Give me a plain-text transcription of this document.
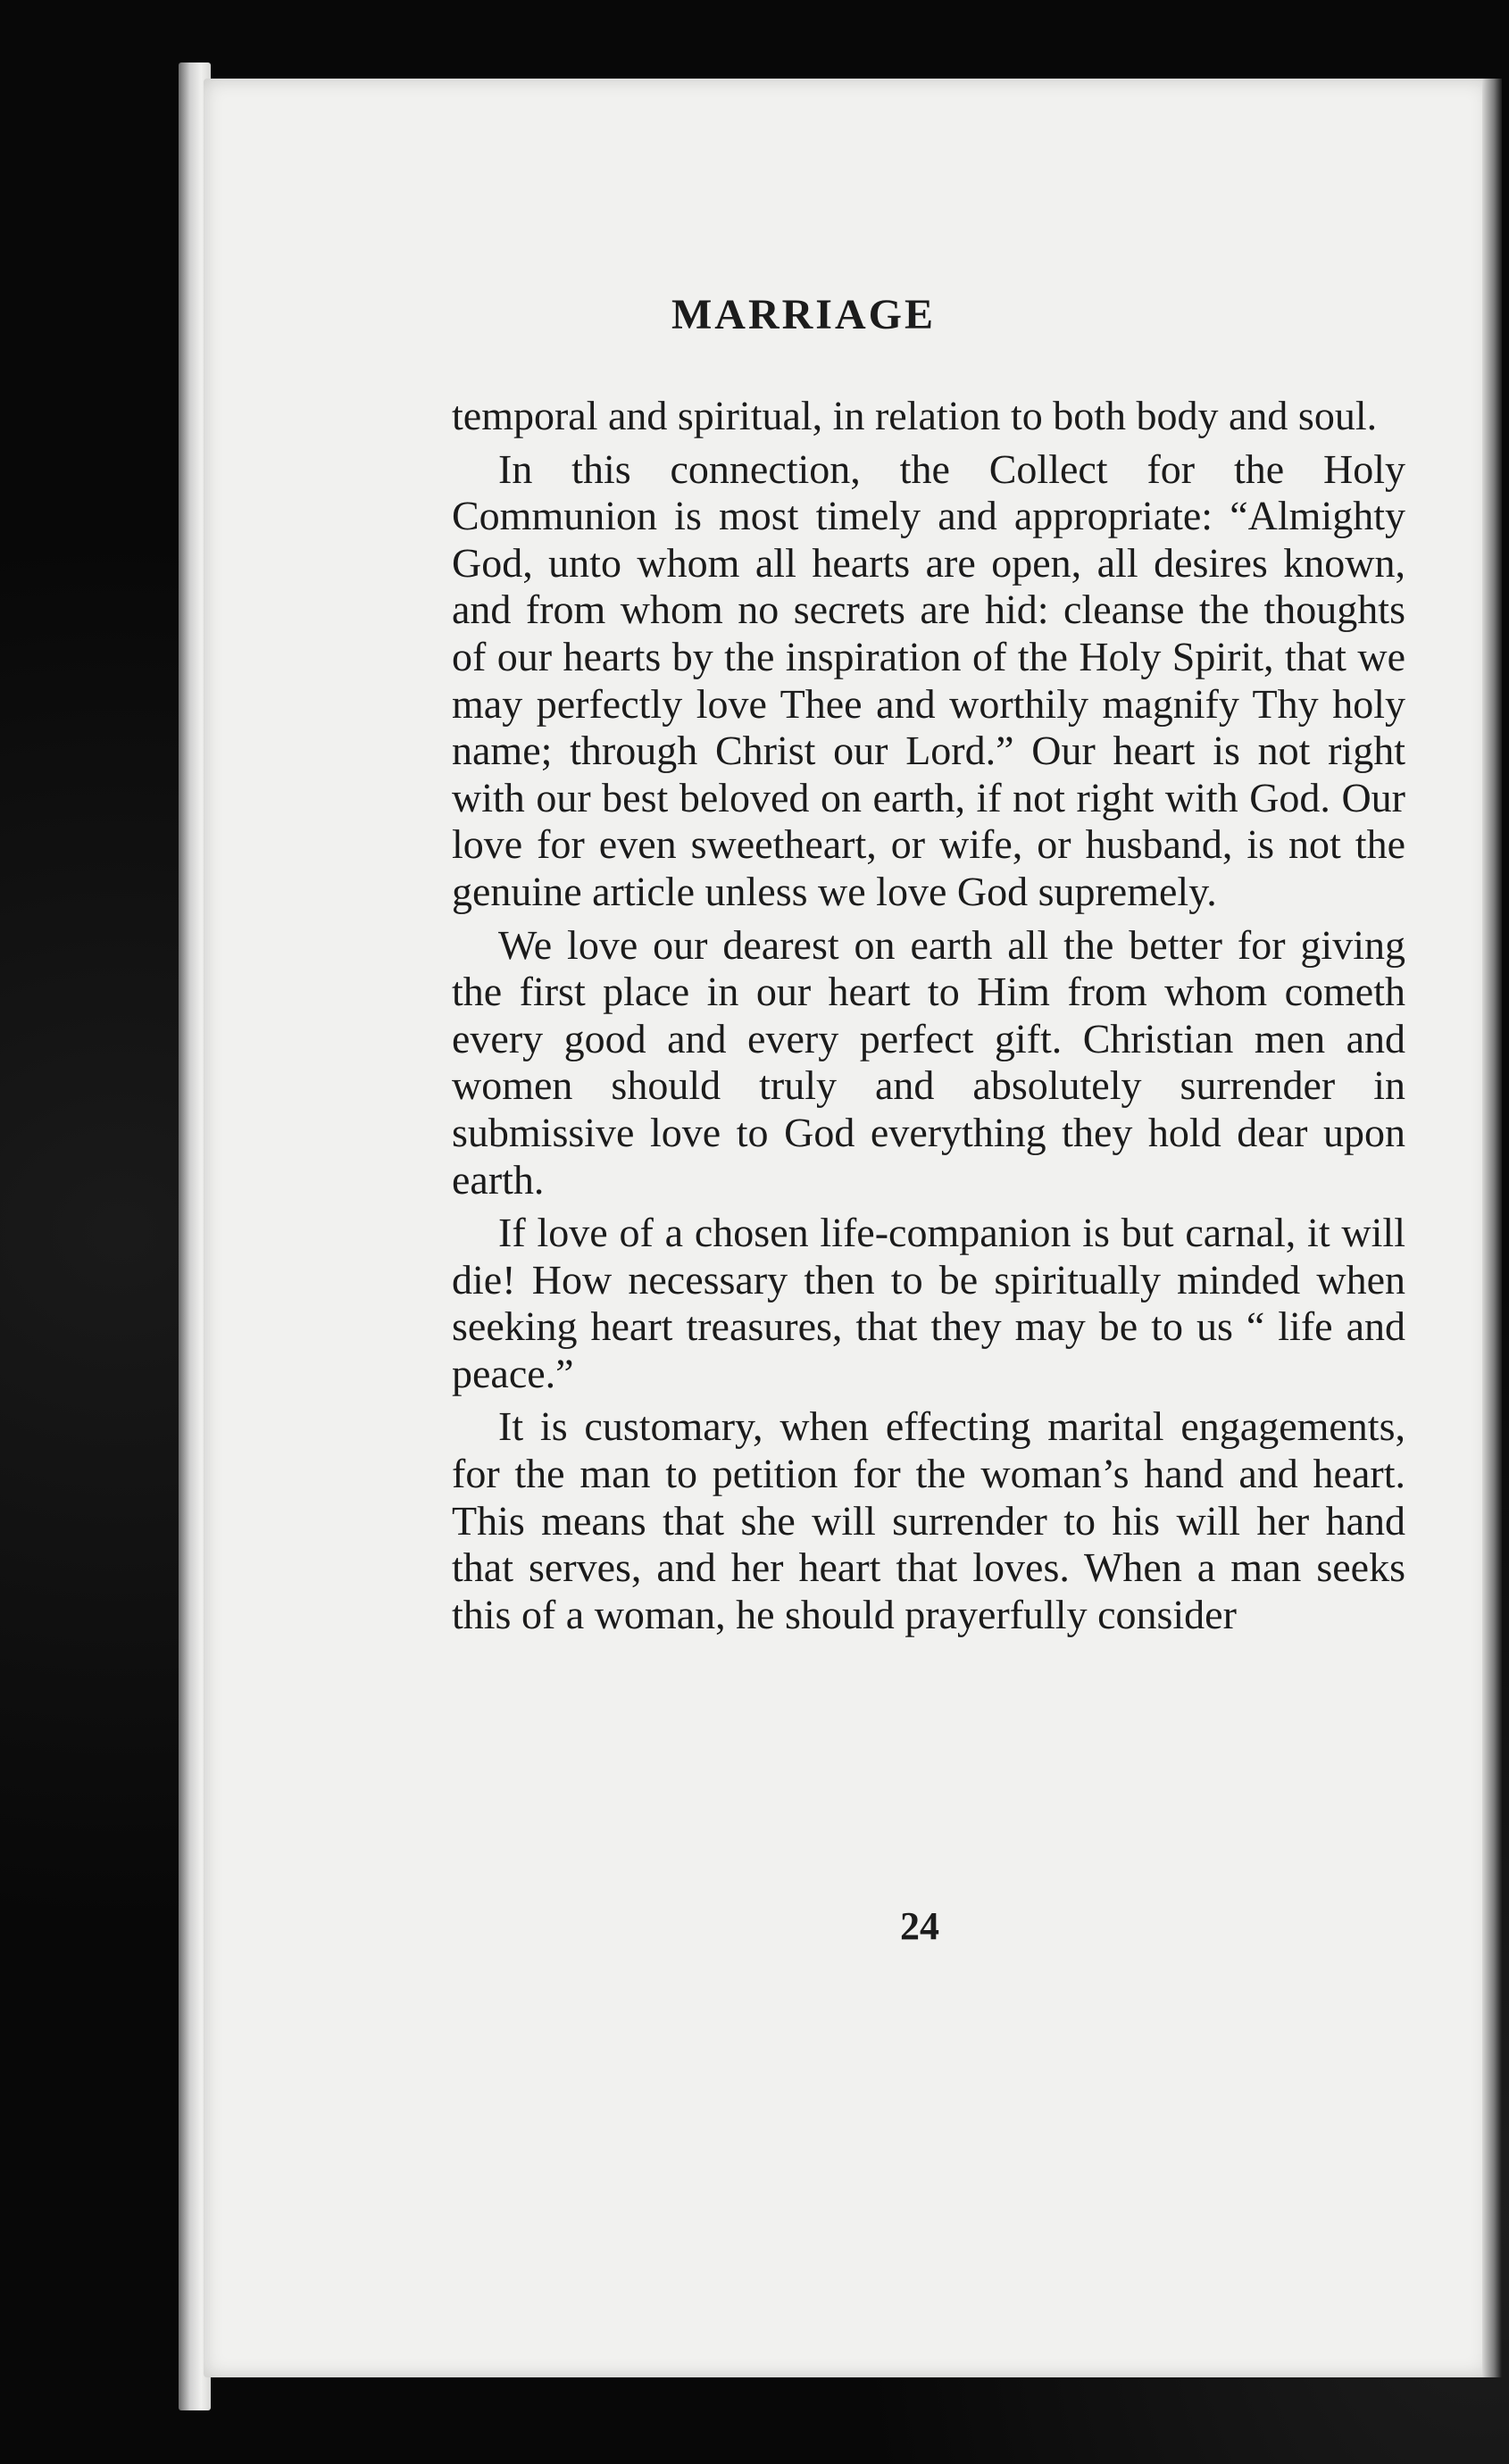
MARRIAGE

temporal and spiritual, in relation to both body and soul.

In this connection, the Collect for the Holy Communion is most timely and appropriate: “Almighty God, unto whom all hearts are open, all desires known, and from whom no secrets are hid: cleanse the thoughts of our hearts by the inspiration of the Holy Spirit, that we may perfectly love Thee and worthily magnify Thy holy name; through Christ our Lord.” Our heart is not right with our best beloved on earth, if not right with God. Our love for even sweetheart, or wife, or husband, is not the genuine article unless we love God supremely.

We love our dearest on earth all the better for giving the first place in our heart to Him from whom cometh every good and every perfect gift. Christian men and women should truly and absolutely surrender in submissive love to God everything they hold dear upon earth.

If love of a chosen life-companion is but carnal, it will die! How necessary then to be spiritually minded when seeking heart treasures, that they may be to us “ life and peace.”

It is customary, when effecting marital engagements, for the man to petition for the woman’s hand and heart. This means that she will surrender to his will her hand that serves, and her heart that loves. When a man seeks this of a woman, he should prayerfully consider

24
